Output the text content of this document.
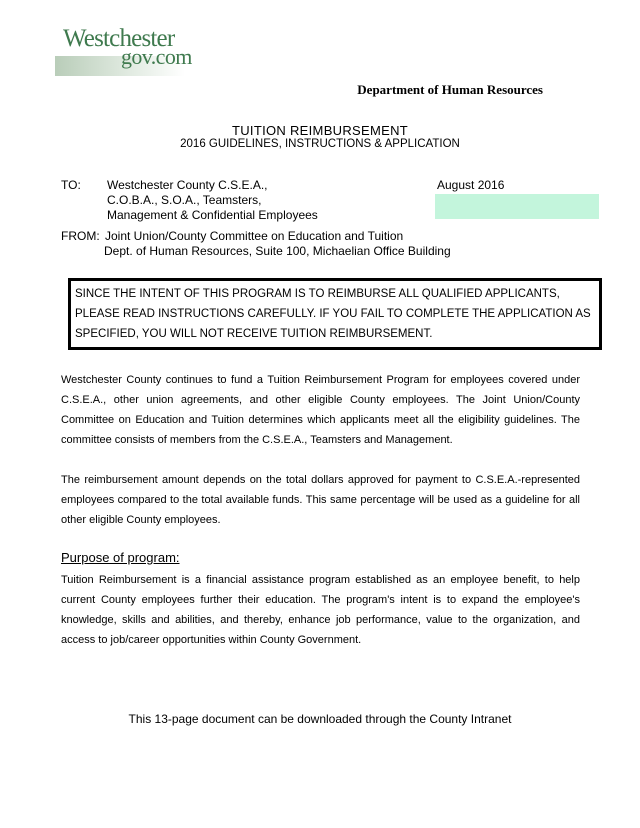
Westchester
gov.com
Department of Human Resources
TUITION REIMBURSEMENT
2016 GUIDELINES, INSTRUCTIONS & APPLICATION
TO: Westchester County C.S.E.A.,
C.O.B.A., S.O.A., Teamsters,
Management & Confidential Employees
August 2016
FROM: Joint Union/County Committee on Education and Tuition
Dept. of Human Resources, Suite 100, Michaelian Office Building
SINCE THE INTENT OF THIS PROGRAM IS TO REIMBURSE ALL QUALIFIED APPLICANTS, PLEASE READ INSTRUCTIONS CAREFULLY. IF YOU FAIL TO COMPLETE THE APPLICATION AS SPECIFIED, YOU WILL NOT RECEIVE TUITION REIMBURSEMENT.

Westchester County continues to fund a Tuition Reimbursement Program for employees covered under C.S.E.A., other union agreements, and other eligible County employees. The Joint Union/County Committee on Education and Tuition determines which applicants meet all the eligibility guidelines. The committee consists of members from the C.S.E.A., Teamsters and Management.

The reimbursement amount depends on the total dollars approved for payment to C.S.E.A.-represented employees compared to the total available funds. This same percentage will be used as a guideline for all other eligible County employees.

Purpose of program:

Tuition Reimbursement is a financial assistance program established as an employee benefit, to help current County employees further their education. The program's intent is to expand the employee's knowledge, skills and abilities, and thereby, enhance job performance, value to the organization, and access to job/career opportunities within County Government.

This 13-page document can be downloaded through the County Intranet
